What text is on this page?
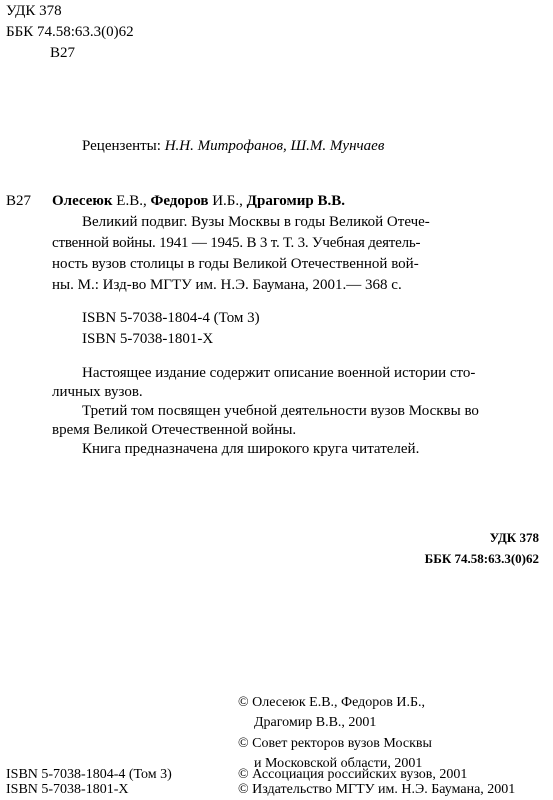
УДК 378
ББК 74.58:63.3(0)62
В27
Рецензенты: Н.Н. Митрофанов, Ш.М. Мунчаев
В27 Олесеюк Е.В., Федоров И.Б., Драгомир В.В.
Великий подвиг. Вузы Москвы в годы Великой Отече-
ственной войны. 1941 — 1945. В 3 т. Т. 3. Учебная деятель-
ность вузов столицы в годы Великой Отечественной вой-
ны. М.: Изд-во МГТУ им. Н.Э. Баумана, 2001.— 368 с.
ISBN 5-7038-1804-4 (Том 3)
ISBN 5-7038-1801-X
Настоящее издание содержит описание военной истории сто-
личных вузов.
Третий том посвящен учебной деятельности вузов Москвы во
время Великой Отечественной войны.
Книга предназначена для широкого круга читателей.
УДК 378
ББК 74.58:63.3(0)62
© Олесеюк Е.В., Федоров И.Б.,
Драгомир В.В., 2001
© Совет ректоров вузов Москвы
и Московской области, 2001
© Ассоциация российских вузов, 2001
© Издательство МГТУ им. Н.Э. Баумана, 2001
ISBN 5-7038-1804-4 (Том 3)
ISBN 5-7038-1801-X
